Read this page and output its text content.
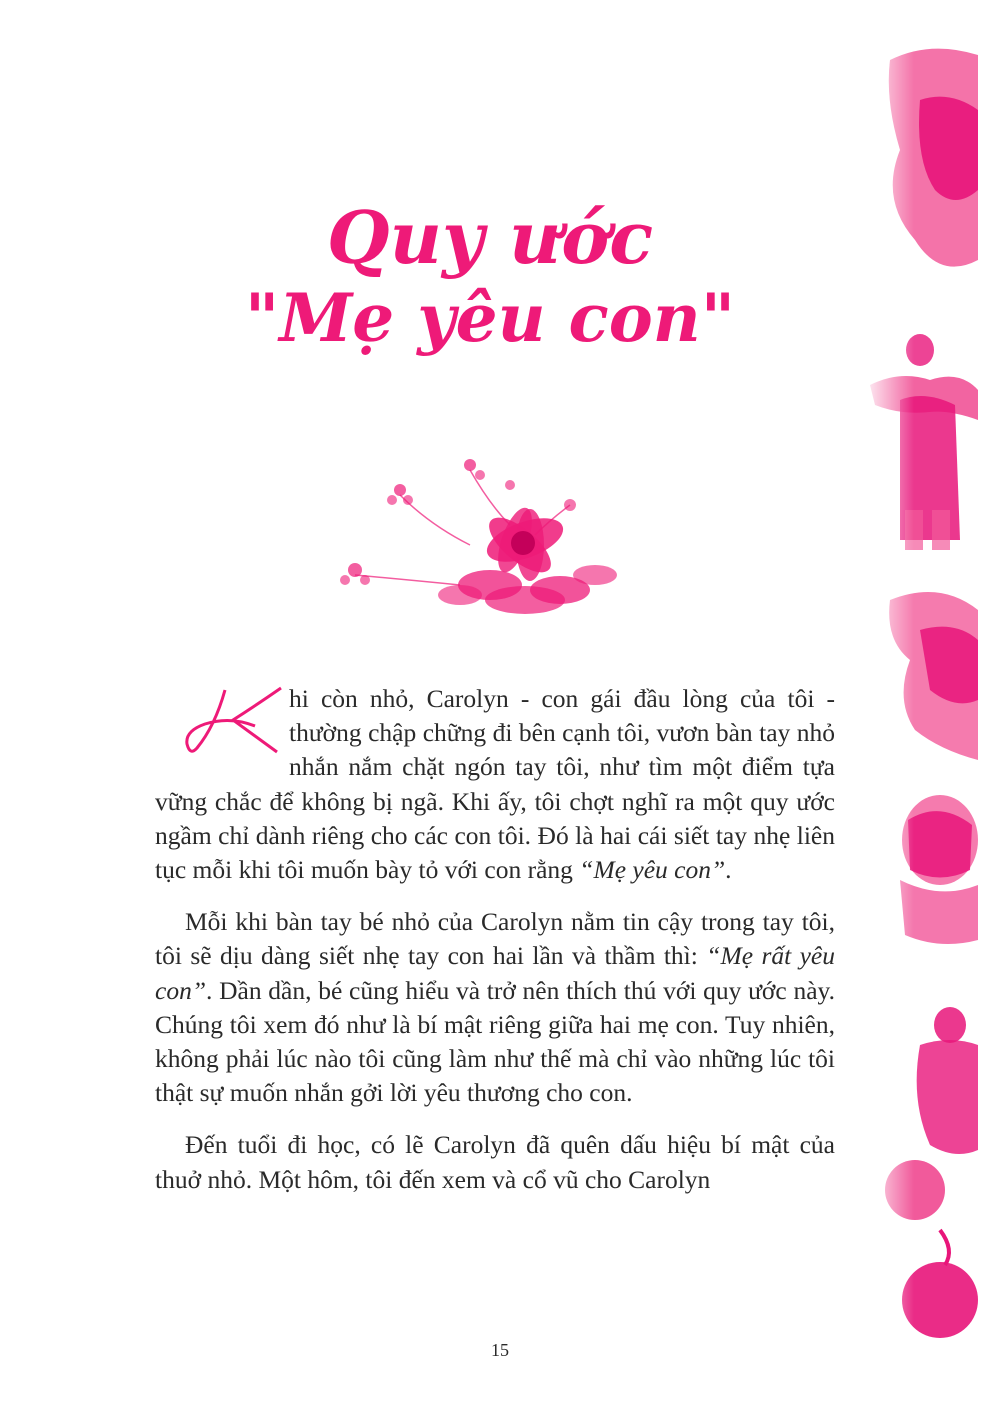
Quy ước
"Mẹ yêu con"

hi còn nhỏ, Carolyn - con gái đầu lòng của tôi - thường chập chững đi bên cạnh tôi, vươn bàn tay nhỏ nhắn nắm chặt ngón tay tôi, như tìm một điểm tựa vững chắc để không bị ngã. Khi ấy, tôi chợt nghĩ ra một quy ước ngầm chỉ dành riêng cho các con tôi. Đó là hai cái siết tay nhẹ liên tục mỗi khi tôi muốn bày tỏ với con rằng “Mẹ yêu con”.

Mỗi khi bàn tay bé nhỏ của Carolyn nằm tin cậy trong tay tôi, tôi sẽ dịu dàng siết nhẹ tay con hai lần và thầm thì: “Mẹ rất yêu con”. Dần dần, bé cũng hiểu và trở nên thích thú với quy ước này. Chúng tôi xem đó như là bí mật riêng giữa hai mẹ con. Tuy nhiên, không phải lúc nào tôi cũng làm như thế mà chỉ vào những lúc tôi thật sự muốn nhắn gởi lời yêu thương cho con.

Đến tuổi đi học, có lẽ Carolyn đã quên dấu hiệu bí mật của thuở nhỏ. Một hôm, tôi đến xem và cổ vũ cho Carolyn

15
